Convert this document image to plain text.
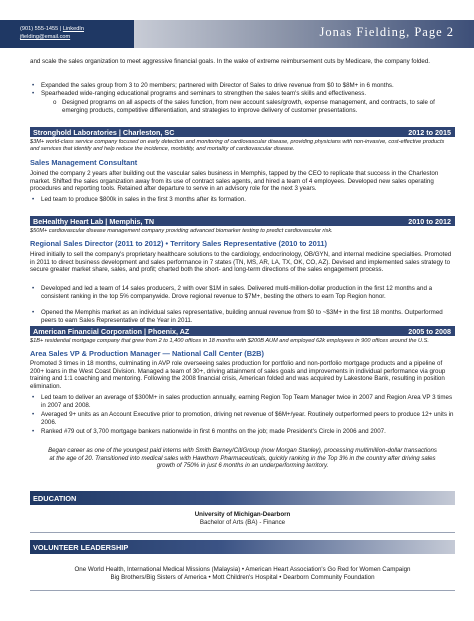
(901) 555-1455 | LinkedIn
jfielding@email.com	Jonas Fielding, Page 2
and scale the sales organization to meet aggressive financial goals. In the wake of extreme reimbursement cuts by Medicare, the company folded.
• Expanded the sales group from 3 to 20 members; partnered with Director of Sales to drive revenue from $0 to $8M+ in 6 months.
• Spearheaded wide-ranging educational programs and seminars to strengthen the sales team's skills and effectiveness.
o Designed programs on all aspects of the sales function, from new account sales/growth, expense management, and contracts, to sale of emerging products, competitive differentiation, and strategies to improve delivery of customer presentations.
Stronghold Laboratories | Charleston, SC	2012 to 2015
$3M+ world-class service company focused on early detection and monitoring of cardiovascular disease, providing physicians with non-invasive, cost-effective products and services that identify and help reduce the incidence, morbidity, and mortality of cardiovascular disease.
Sales Management Consultant
Joined the company 2 years after building out the vascular sales business in Memphis, tapped by the CEO to replicate that success in the Charleston market. Shifted the sales organization away from its use of contract sales agents, and hired a team of 4 employees. Developed new sales operating procedures and reporting tools. Retained after departure to serve in an advisory role for the next 3 years.
• Led team to produce $800k in sales in the first 3 months after its formation.
BeHealthy Heart Lab | Memphis, TN	2010 to 2012
$50M+ cardiovascular disease management company providing advanced biomarker testing to predict cardiovascular risk.
Regional Sales Director (2011 to 2012) • Territory Sales Representative (2010 to 2011)
Hired initially to sell the company's proprietary healthcare solutions to the cardiology, endocrinology, OB/GYN, and internal medicine specialties. Promoted in 2011 to direct business development and sales performance in 7 states (TN, MS, AR, LA, TX, OK, CO, AZ). Devised and implemented sales strategy to secure greater market share, sales, and profit; charted both the short- and long-term directions of the sales engagement process.
• Developed and led a team of 14 sales producers, 2 with over $1M in sales. Delivered multi-million-dollar production in the first 12 months and a consistent ranking in the top 5% companywide. Drove regional revenue to $7M+, besting the others to earn Top Region honor.
• Opened the Memphis market as an individual sales representative, building annual revenue from $0 to ~$3M+ in the first 18 months. Outperformed peers to earn Sales Representative of the Year in 2011.
American Financial Corporation | Phoenix, AZ	2005 to 2008
$1B+ residential mortgage company that grew from 2 to 1,400 offices in 18 months with $200B AUM and employed 62k employees in 900 offices around the U.S.
Area Sales VP & Production Manager — National Call Center (B2B)
Promoted 3 times in 18 months, culminating in AVP role overseeing sales production for portfolio and non-portfolio mortgage products and a pipeline of 200+ loans in the West Coast Division. Managed a team of 30+, driving attainment of sales goals and improvements in individual performance via group training and 1:1 coaching and mentoring. Following the 2008 financial crisis, American folded and was acquired by Lakestone Bank, resulting in position elimination.
• Led team to deliver an average of $300M+ in sales production annually, earning Region Top Team Manager twice in 2007 and Region Area VP 3 times in 2007 and 2008.
• Averaged 9+ units as an Account Executive prior to promotion, driving net revenue of $6M+/year. Routinely outperformed peers to produce 12+ units in 2006.
• Ranked #79 out of 3,700 mortgage bankers nationwide in first 6 months on the job; made President's Circle in 2006 and 2007.
Began career as one of the youngest paid interns with Smith Barney/CitiGroup (now Morgan Stanley), processing multimillion-dollar transactions at the age of 20. Transitioned into medical sales with Hawthorn Pharmaceuticals, quickly ranking in the Top 3% in the country after driving sales growth of 750% in just 6 months in an underperforming territory.
EDUCATION
University of Michigan-Dearborn
Bachelor of Arts (BA) - Finance
VOLUNTEER LEADERSHIP
One World Health, International Medical Missions (Malaysia) • American Heart Association's Go Red for Women Campaign
Big Brothers/Big Sisters of America • Mott Children's Hospital • Dearborn Community Foundation
